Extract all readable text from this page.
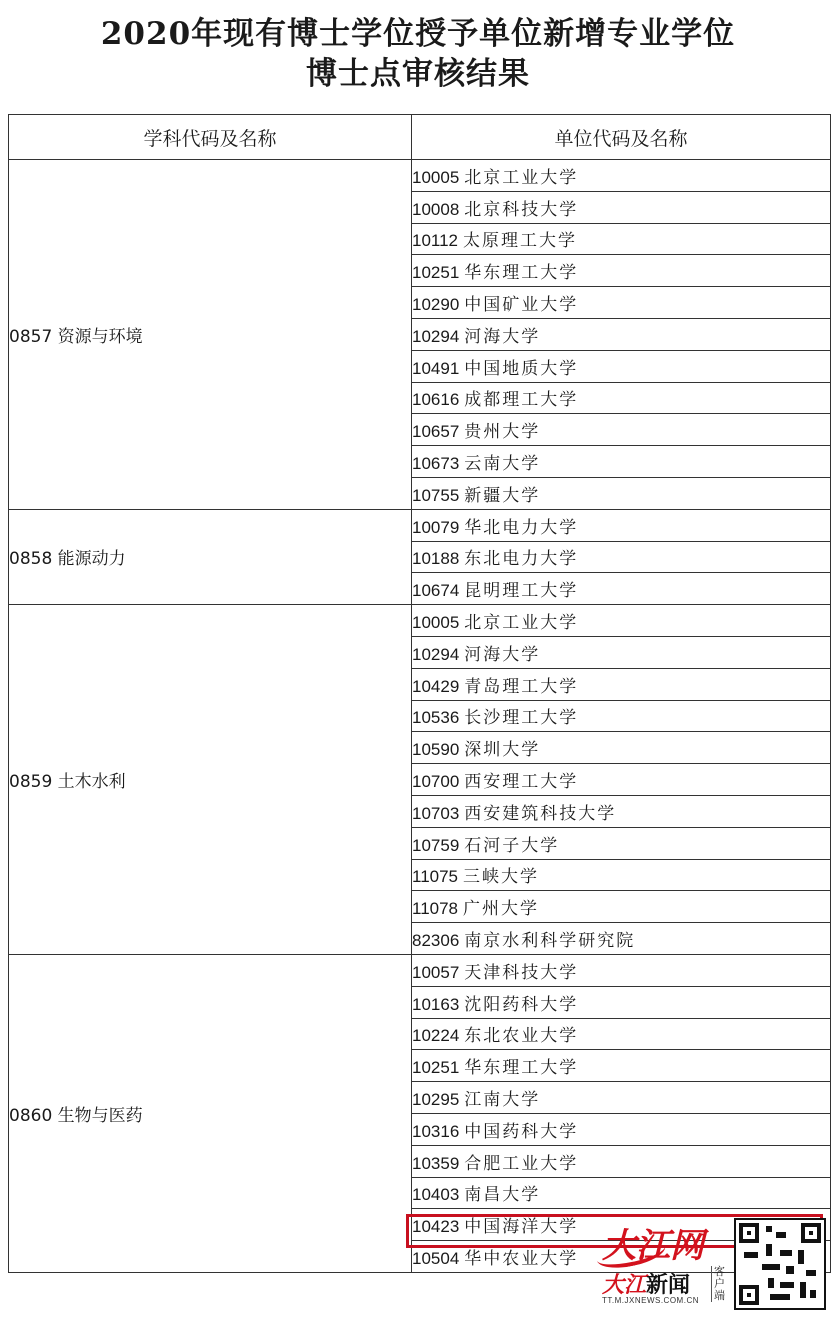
2020年现有博士学位授予单位新增专业学位
博士点审核结果
学科代码及名称	单位代码及名称
0857 资源与环境	10005 北京工业大学
	10008 北京科技大学
	10112 太原理工大学
	10251 华东理工大学
	10290 中国矿业大学
	10294 河海大学
	10491 中国地质大学
	10616 成都理工大学
	10657 贵州大学
	10673 云南大学
	10755 新疆大学
0858 能源动力	10079 华北电力大学
	10188 东北电力大学
	10674 昆明理工大学
0859 土木水利	10005 北京工业大学
	10294 河海大学
	10429 青岛理工大学
	10536 长沙理工大学
	10590 深圳大学
	10700 西安理工大学
	10703 西安建筑科技大学
	10759 石河子大学
	11075 三峡大学
	11078 广州大学
	82306 南京水利科学研究院
0860 生物与医药	10057 天津科技大学
	10163 沈阳药科大学
	10224 东北农业大学
	10251 华东理工大学
	10295 江南大学
	10316 中国药科大学
	10359 合肥工业大学
	10403 南昌大学
	10423 中国海洋大学
	10504 华中农业大学 大江网
大江新闻
客户端
TT.M.JXNEWS.COM.CN
